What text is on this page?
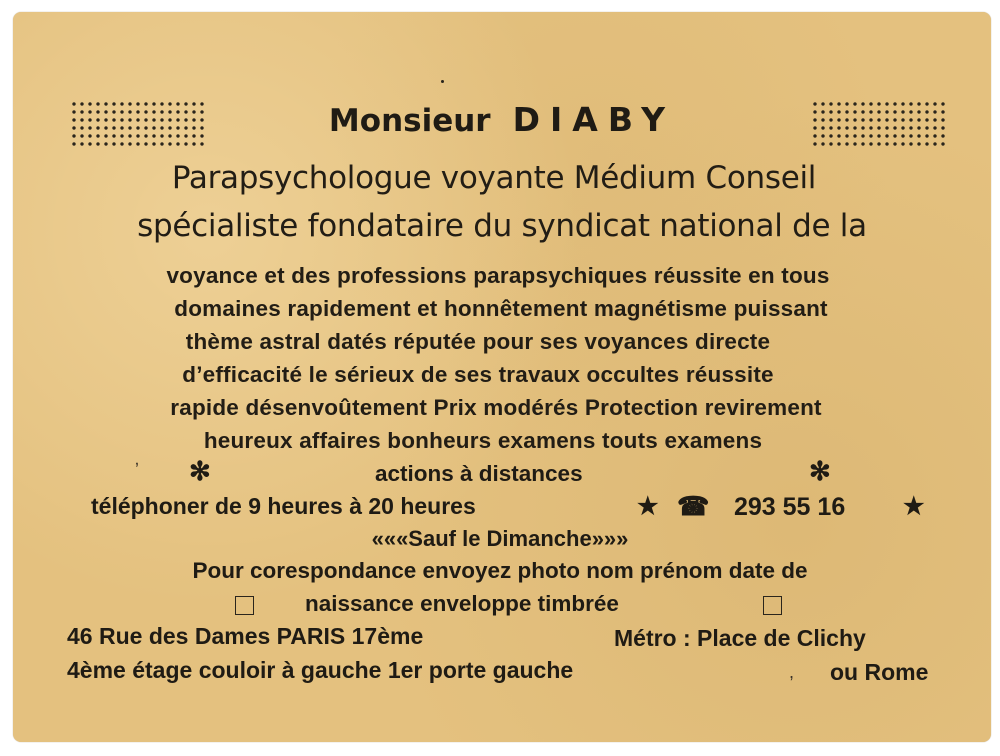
Monsieur DIABY
Parapsychologue voyante Médium Conseil
spécialiste fondataire du syndicat national de la
voyance et des professions parapsychiques réussite en tous
domaines rapidement et honnêtement magnétisme puissant
thème astral datés réputée pour ses voyances directe
d’efficacité le sérieux de ses travaux occultes réussite
rapide désenvoûtement Prix modérés Protection revirement
heureux affaires bonheurs examens touts examens
ʼ ✻	actions à distances	✻
téléphoner de 9 heures à 20 heures	★ ☎ 293 55 16 ★
«««Sauf le Dimanche»»»
Pour corespondance envoyez photo nom prénom date de
naissance enveloppe timbrée
46 Rue des Dames PARIS 17ème	Métro : Place de Clichy
4ème étage couloir à gauche 1er porte gauche	, ou Rome
